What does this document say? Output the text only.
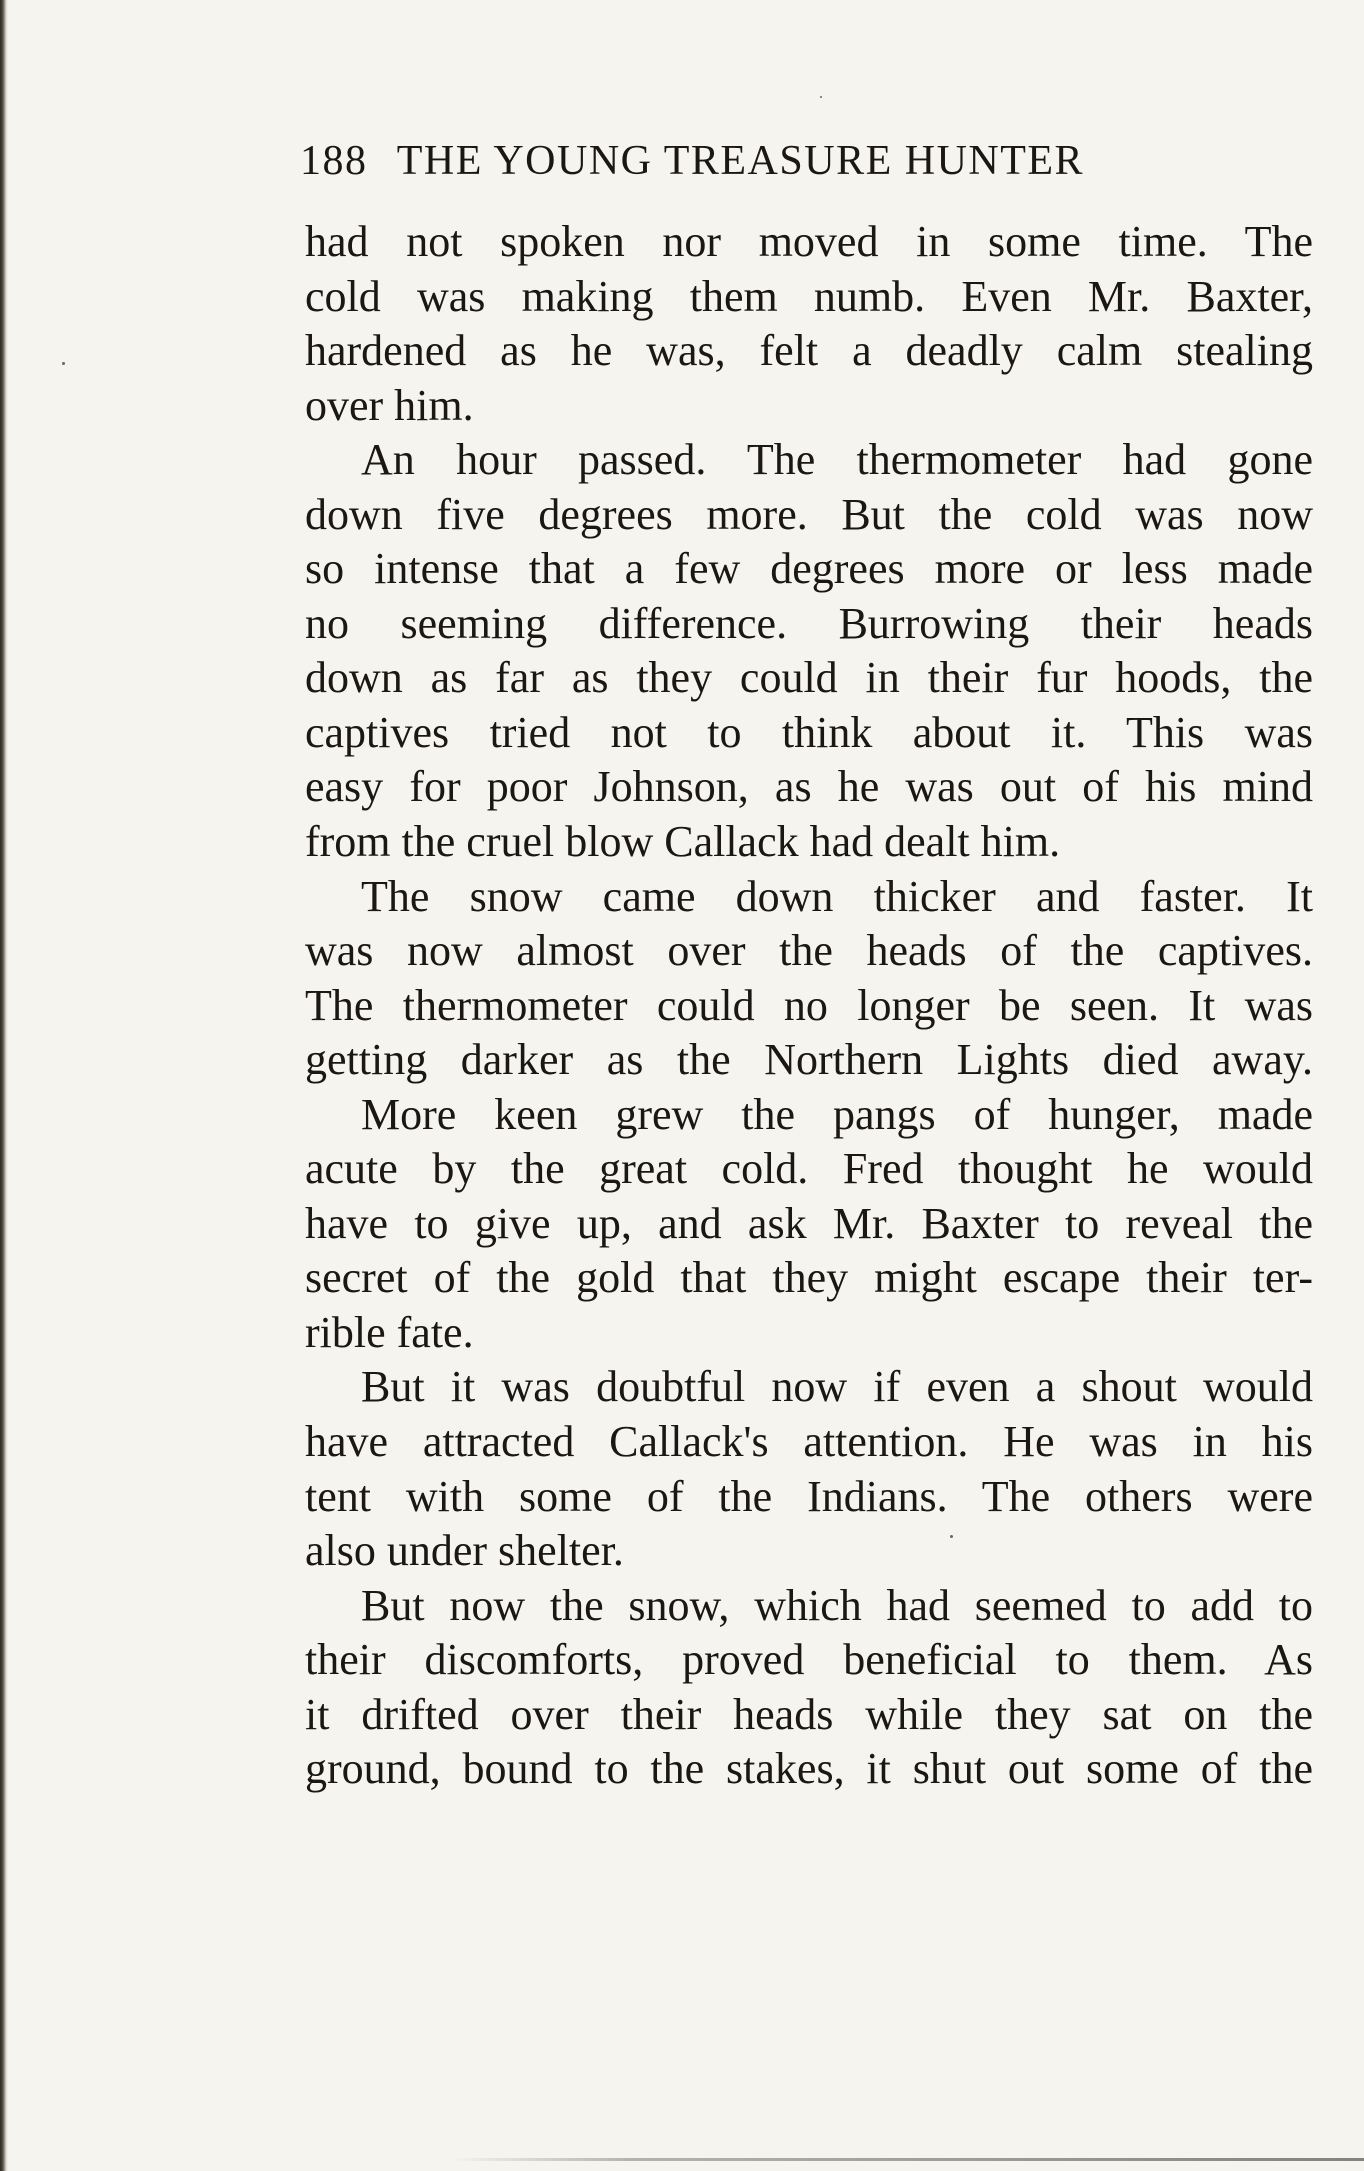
188 THE YOUNG TREASURE HUNTER
had not spoken nor moved in some time. The
cold was making them numb. Even Mr. Baxter,
hardened as he was, felt a deadly calm stealing
over him.
An hour passed. The thermometer had gone
down five degrees more. But the cold was now
so intense that a few degrees more or less made
no seeming difference. Burrowing their heads
down as far as they could in their fur hoods, the
captives tried not to think about it. This was
easy for poor Johnson, as he was out of his mind
from the cruel blow Callack had dealt him.
The snow came down thicker and faster. It
was now almost over the heads of the captives.
The thermometer could no longer be seen. It was
getting darker as the Northern Lights died away.
More keen grew the pangs of hunger, made
acute by the great cold. Fred thought he would
have to give up, and ask Mr. Baxter to reveal the
secret of the gold that they might escape their ter-
rible fate.
But it was doubtful now if even a shout would
have attracted Callack's attention. He was in his
tent with some of the Indians. The others were
also under shelter.
But now the snow, which had seemed to add to
their discomforts, proved beneficial to them. As
it drifted over their heads while they sat on the
ground, bound to the stakes, it shut out some of the
